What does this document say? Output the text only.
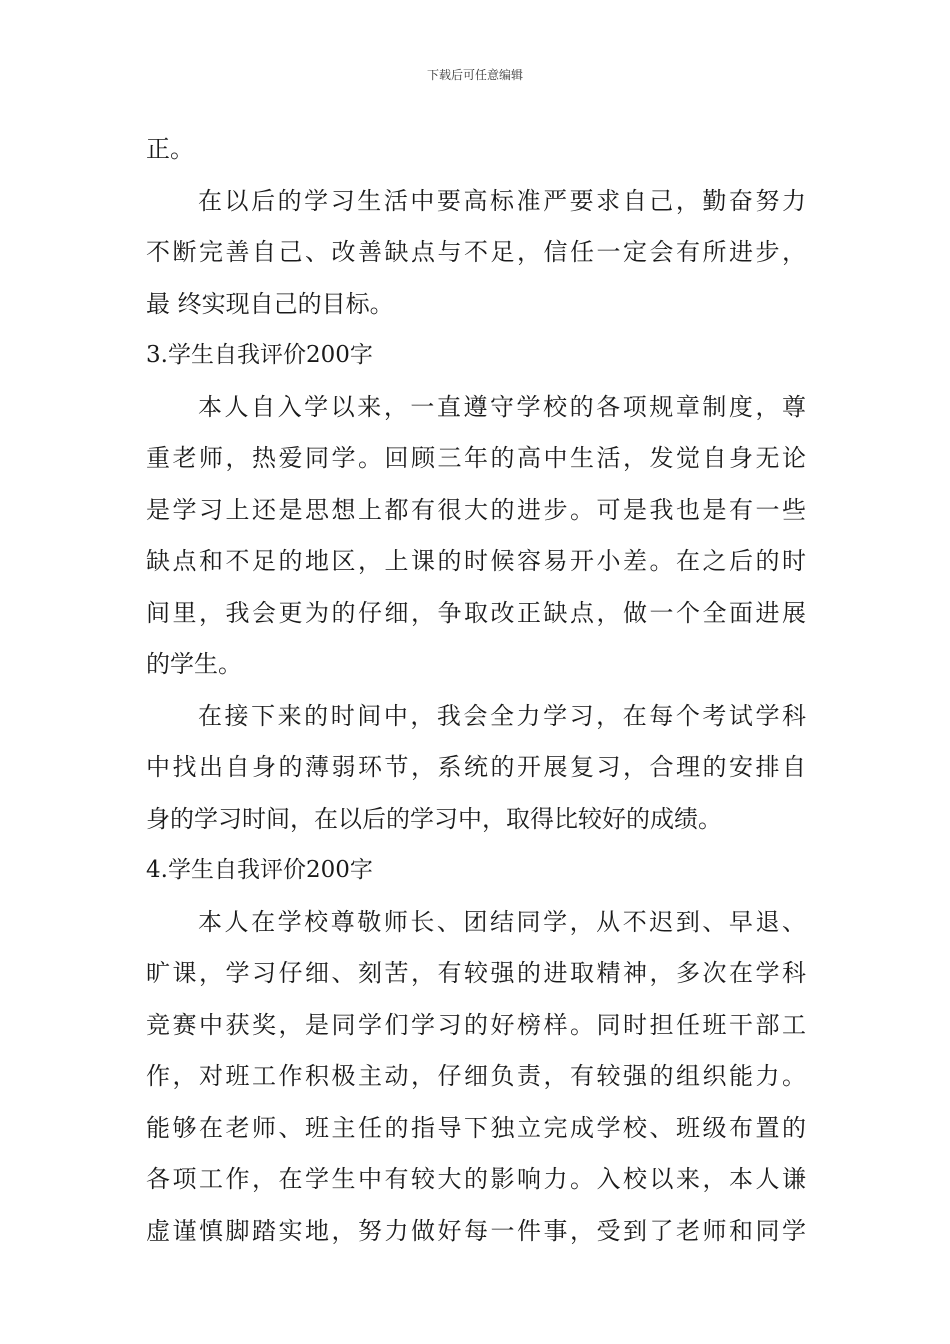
下载后可任意编辑
正。
在以后的学习生活中要高标准严要求自己，勤奋努力
不断完善自己、改善缺点与不足，信任一定会有所进步，
最 终实现自己的目标。
3.学生自我评价200字
本人自入学以来，一直遵守学校的各项规章制度，尊
重老师，热爱同学。回顾三年的高中生活，发觉自身无论
是学习上还是思想上都有很大的进步。可是我也是有一些
缺点和不足的地区，上课的时候容易开小差。在之后的时
间里，我会更为的仔细，争取改正缺点，做一个全面进展
的学生。
在接下来的时间中，我会全力学习，在每个考试学科
中找出自身的薄弱环节，系统的开展复习，合理的安排自
身的学习时间，在以后的学习中，取得比较好的成绩。
4.学生自我评价200字
本人在学校尊敬师长、团结同学，从不迟到、早退、
旷课，学习仔细、刻苦，有较强的进取精神，多次在学科
竞赛中获奖，是同学们学习的好榜样。同时担任班干部工
作，对班工作积极主动，仔细负责，有较强的组织能力。
能够在老师、班主任的指导下独立完成学校、班级布置的
各项工作，在学生中有较大的影响力。入校以来，本人谦
虚谨慎脚踏实地，努力做好每一件事，受到了老师和同学
